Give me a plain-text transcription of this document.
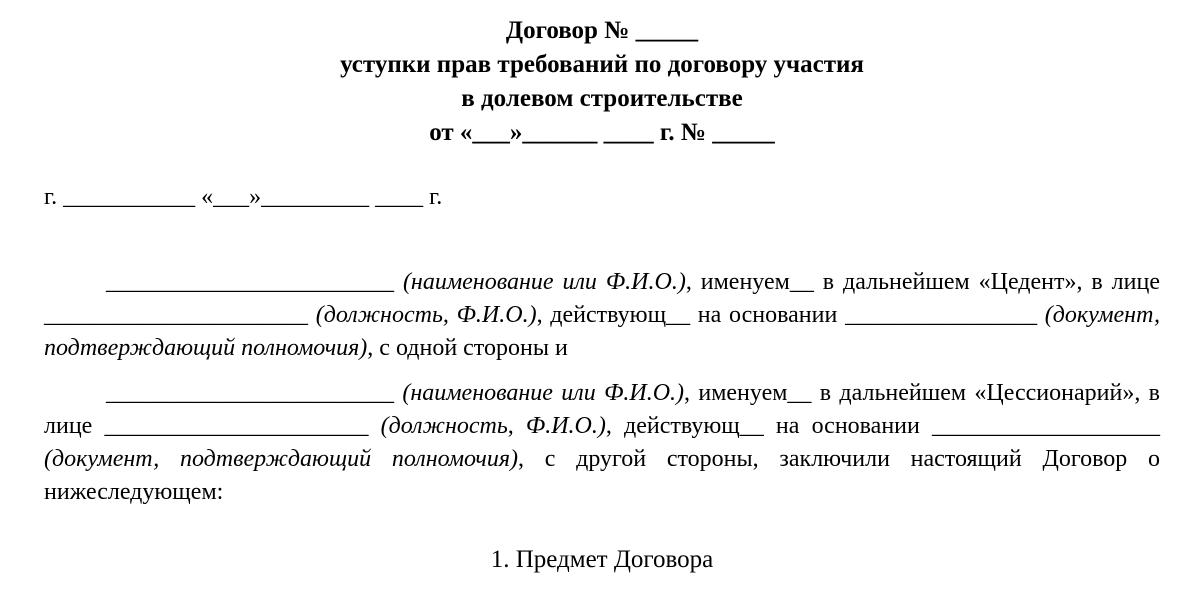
Договор № _____
уступки прав требований по договору участия
в долевом строительстве
от «___»______ ____ г. № _____
г. ___________ «___»_________ ____ г.

________________________ (наименование или Ф.И.О.), именуем__ в дальнейшем «Цедент», в лице ______________________ (должность, Ф.И.О.), действующ__ на основании ________________ (документ, подтверждающий полномочия), с одной стороны и

________________________ (наименование или Ф.И.О.), именуем__ в дальнейшем «Цессионарий», в лице ______________________ (должность, Ф.И.О.), действующ__ на основании ___________________ (документ, подтверждающий полномочия), с другой стороны, заключили настоящий Договор о нижеследующем:

1. Предмет Договора
